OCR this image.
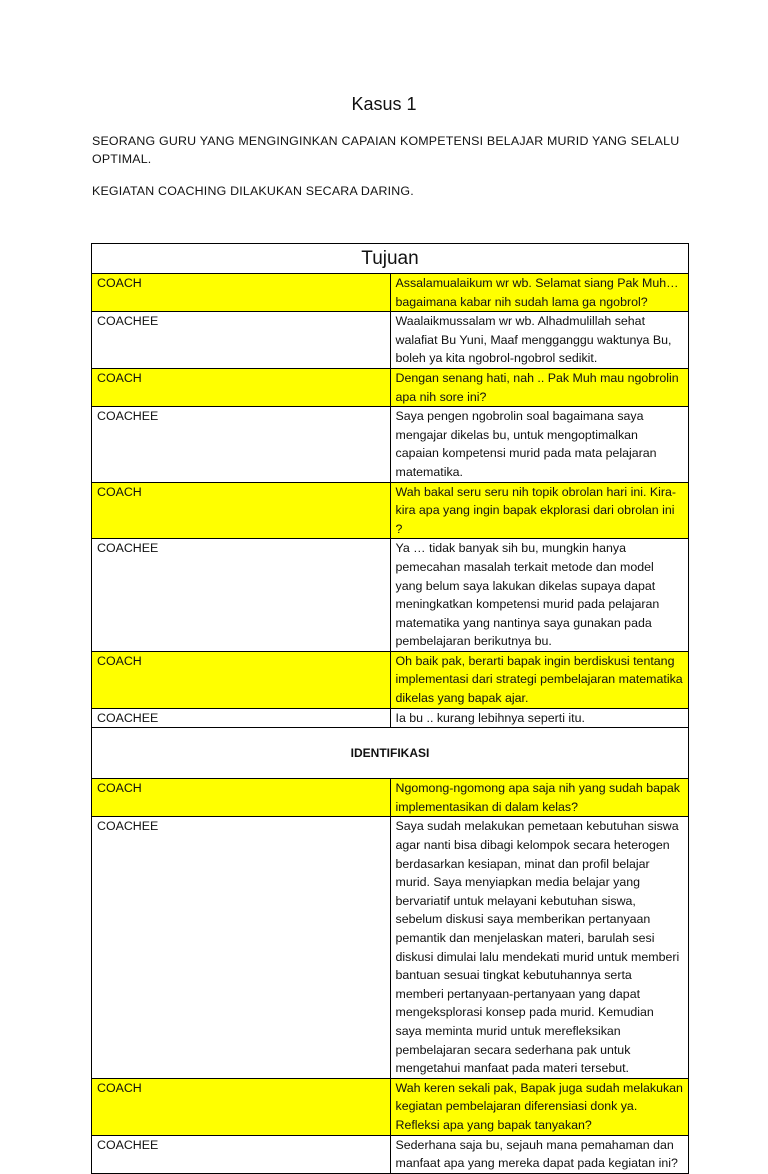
Kasus 1
SEORANG GURU YANG MENGINGINKAN CAPAIAN KOMPETENSI BELAJAR MURID YANG SELALU OPTIMAL.
KEGIATAN COACHING DILAKUKAN SECARA DARING.
Tujuan	
COACH	Assalamualaikum wr wb. Selamat siang Pak Muh… bagaimana kabar nih sudah lama ga ngobrol?
COACHEE	Waalaikmussalam wr wb. Alhadmulillah sehat walafiat Bu Yuni, Maaf mengganggu waktunya Bu, boleh ya kita ngobrol-ngobrol sedikit.
COACH	Dengan senang hati, nah .. Pak Muh mau ngobrolin apa nih sore ini?
COACHEE	Saya pengen ngobrolin soal bagaimana saya mengajar dikelas bu, untuk mengoptimalkan capaian kompetensi murid pada mata pelajaran matematika.
COACH	Wah bakal seru seru nih topik obrolan hari ini. Kira-kira apa yang ingin bapak ekplorasi dari obrolan ini ?
COACHEE	Ya … tidak banyak sih bu, mungkin hanya pemecahan masalah terkait metode dan model yang belum saya lakukan dikelas supaya dapat meningkatkan kompetensi murid pada pelajaran matematika yang nantinya saya gunakan pada pembelajaran berikutnya bu.
COACH	Oh baik pak, berarti bapak ingin berdiskusi tentang implementasi dari strategi pembelajaran matematika dikelas yang bapak ajar.
COACHEE	Ia bu .. kurang lebihnya seperti itu.
IDENTIFIKASI	
COACH	Ngomong-ngomong apa saja nih yang sudah bapak implementasikan di dalam kelas?
COACHEE	Saya sudah melakukan pemetaan kebutuhan siswa agar nanti bisa dibagi kelompok secara heterogen berdasarkan kesiapan, minat dan profil belajar murid. Saya menyiapkan media belajar yang bervariatif untuk melayani kebutuhan siswa, sebelum diskusi saya memberikan pertanyaan pemantik dan menjelaskan materi, barulah sesi diskusi dimulai lalu mendekati murid untuk memberi bantuan sesuai tingkat kebutuhannya serta memberi pertanyaan-pertanyaan yang dapat mengeksplorasi konsep pada murid. Kemudian saya meminta murid untuk merefleksikan pembelajaran secara sederhana pak untuk mengetahui manfaat pada materi tersebut.
COACH	Wah keren sekali pak, Bapak juga sudah melakukan kegiatan pembelajaran diferensiasi donk ya. Refleksi apa yang bapak tanyakan?
COACHEE	Sederhana saja bu, sejauh mana pemahaman dan manfaat apa yang mereka dapat pada kegiatan ini?
